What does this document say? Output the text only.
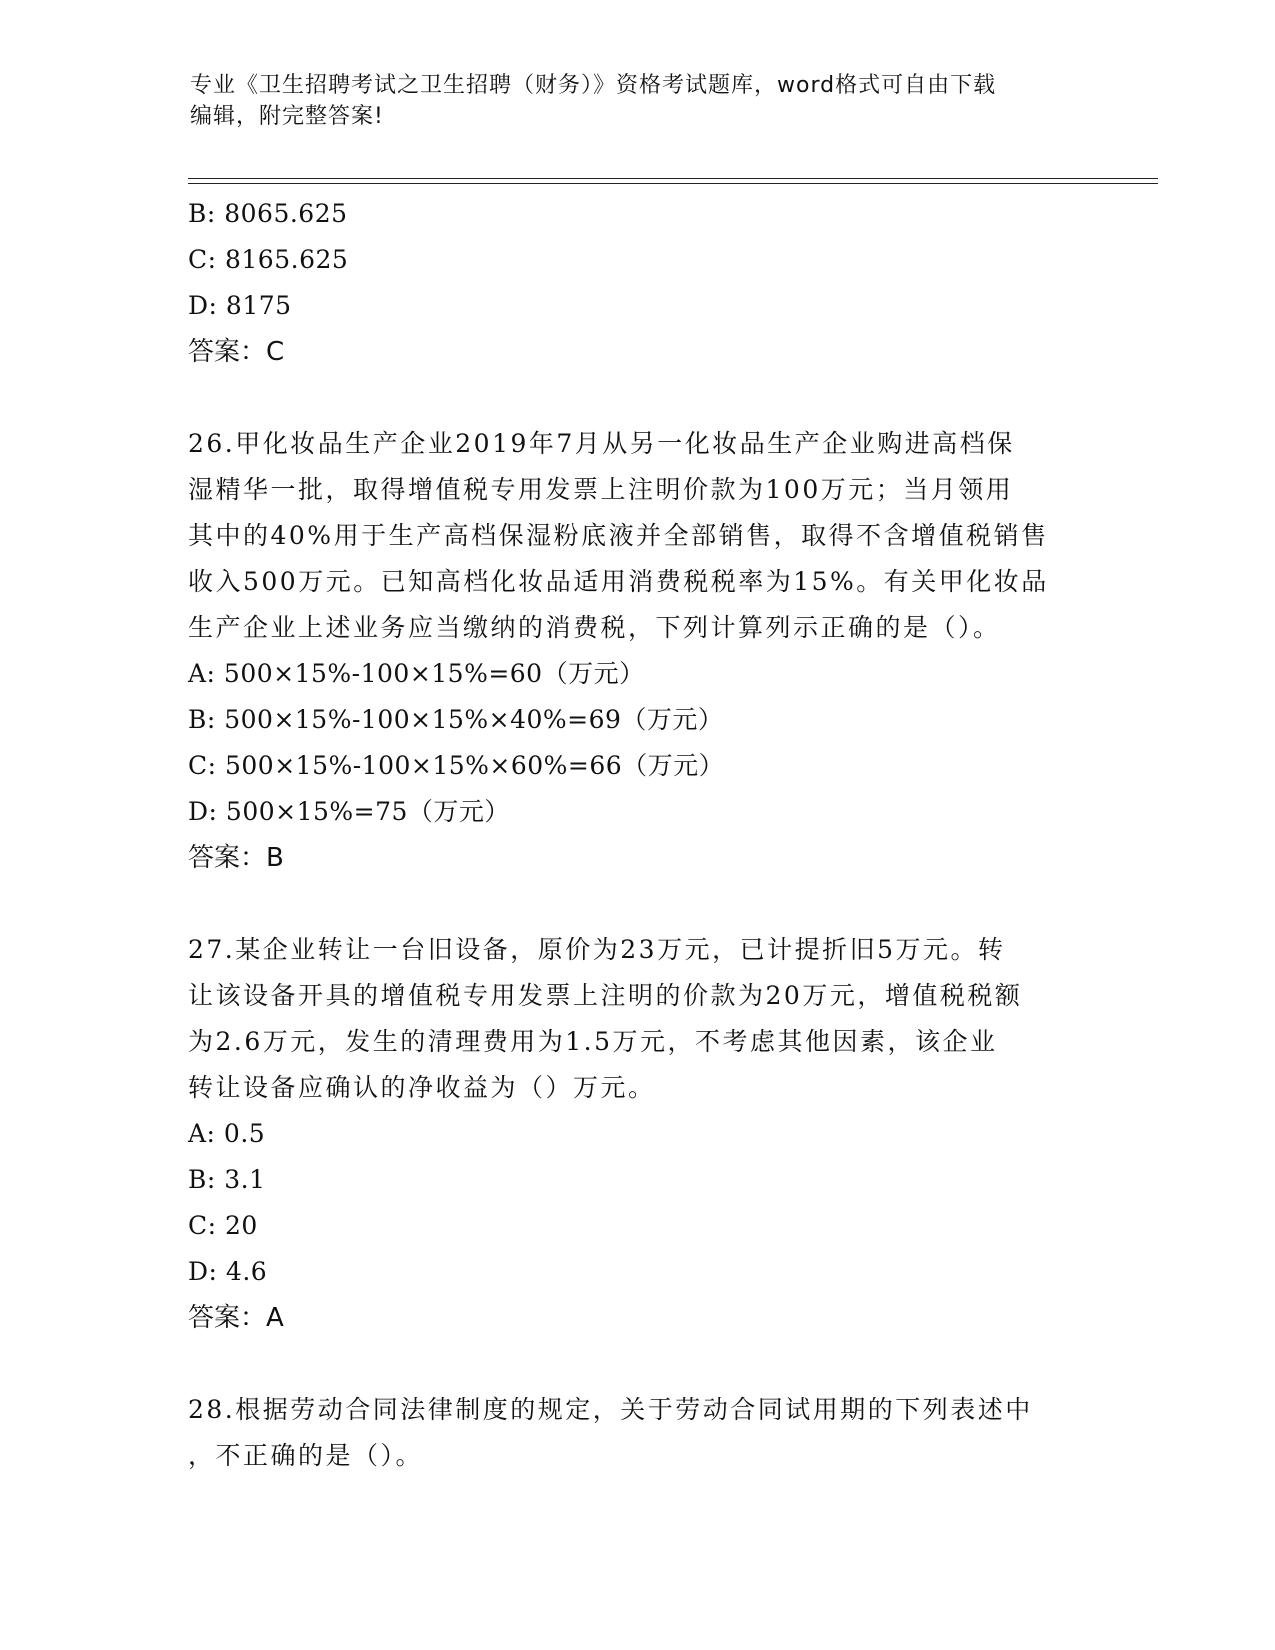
专业《卫生招聘考试之卫生招聘（财务）》资格考试题库，word格式可自由下载
编辑，附完整答案!
B: 8065.625
C: 8165.625
D: 8175
答案：C
26.甲化妆品生产企业2019年7月从另一化妆品生产企业购进高档保
湿精华一批，取得增值税专用发票上注明价款为100万元；当月领用
其中的40%用于生产高档保湿粉底液并全部销售，取得不含增值税销售
收入500万元。已知高档化妆品适用消费税税率为15%。有关甲化妆品
生产企业上述业务应当缴纳的消费税，下列计算列示正确的是（）。
A: 500×15%-100×15%=60（万元）
B: 500×15%-100×15%×40%=69（万元）
C: 500×15%-100×15%×60%=66（万元）
D: 500×15%=75（万元）
答案：B
27.某企业转让一台旧设备，原价为23万元，已计提折旧5万元。转
让该设备开具的增值税专用发票上注明的价款为20万元，增值税税额
为2.6万元，发生的清理费用为1.5万元，不考虑其他因素，该企业
转让设备应确认的净收益为（）万元。
A: 0.5
B: 3.1
C: 20
D: 4.6
答案：A
28.根据劳动合同法律制度的规定，关于劳动合同试用期的下列表述中
，不正确的是（）。
